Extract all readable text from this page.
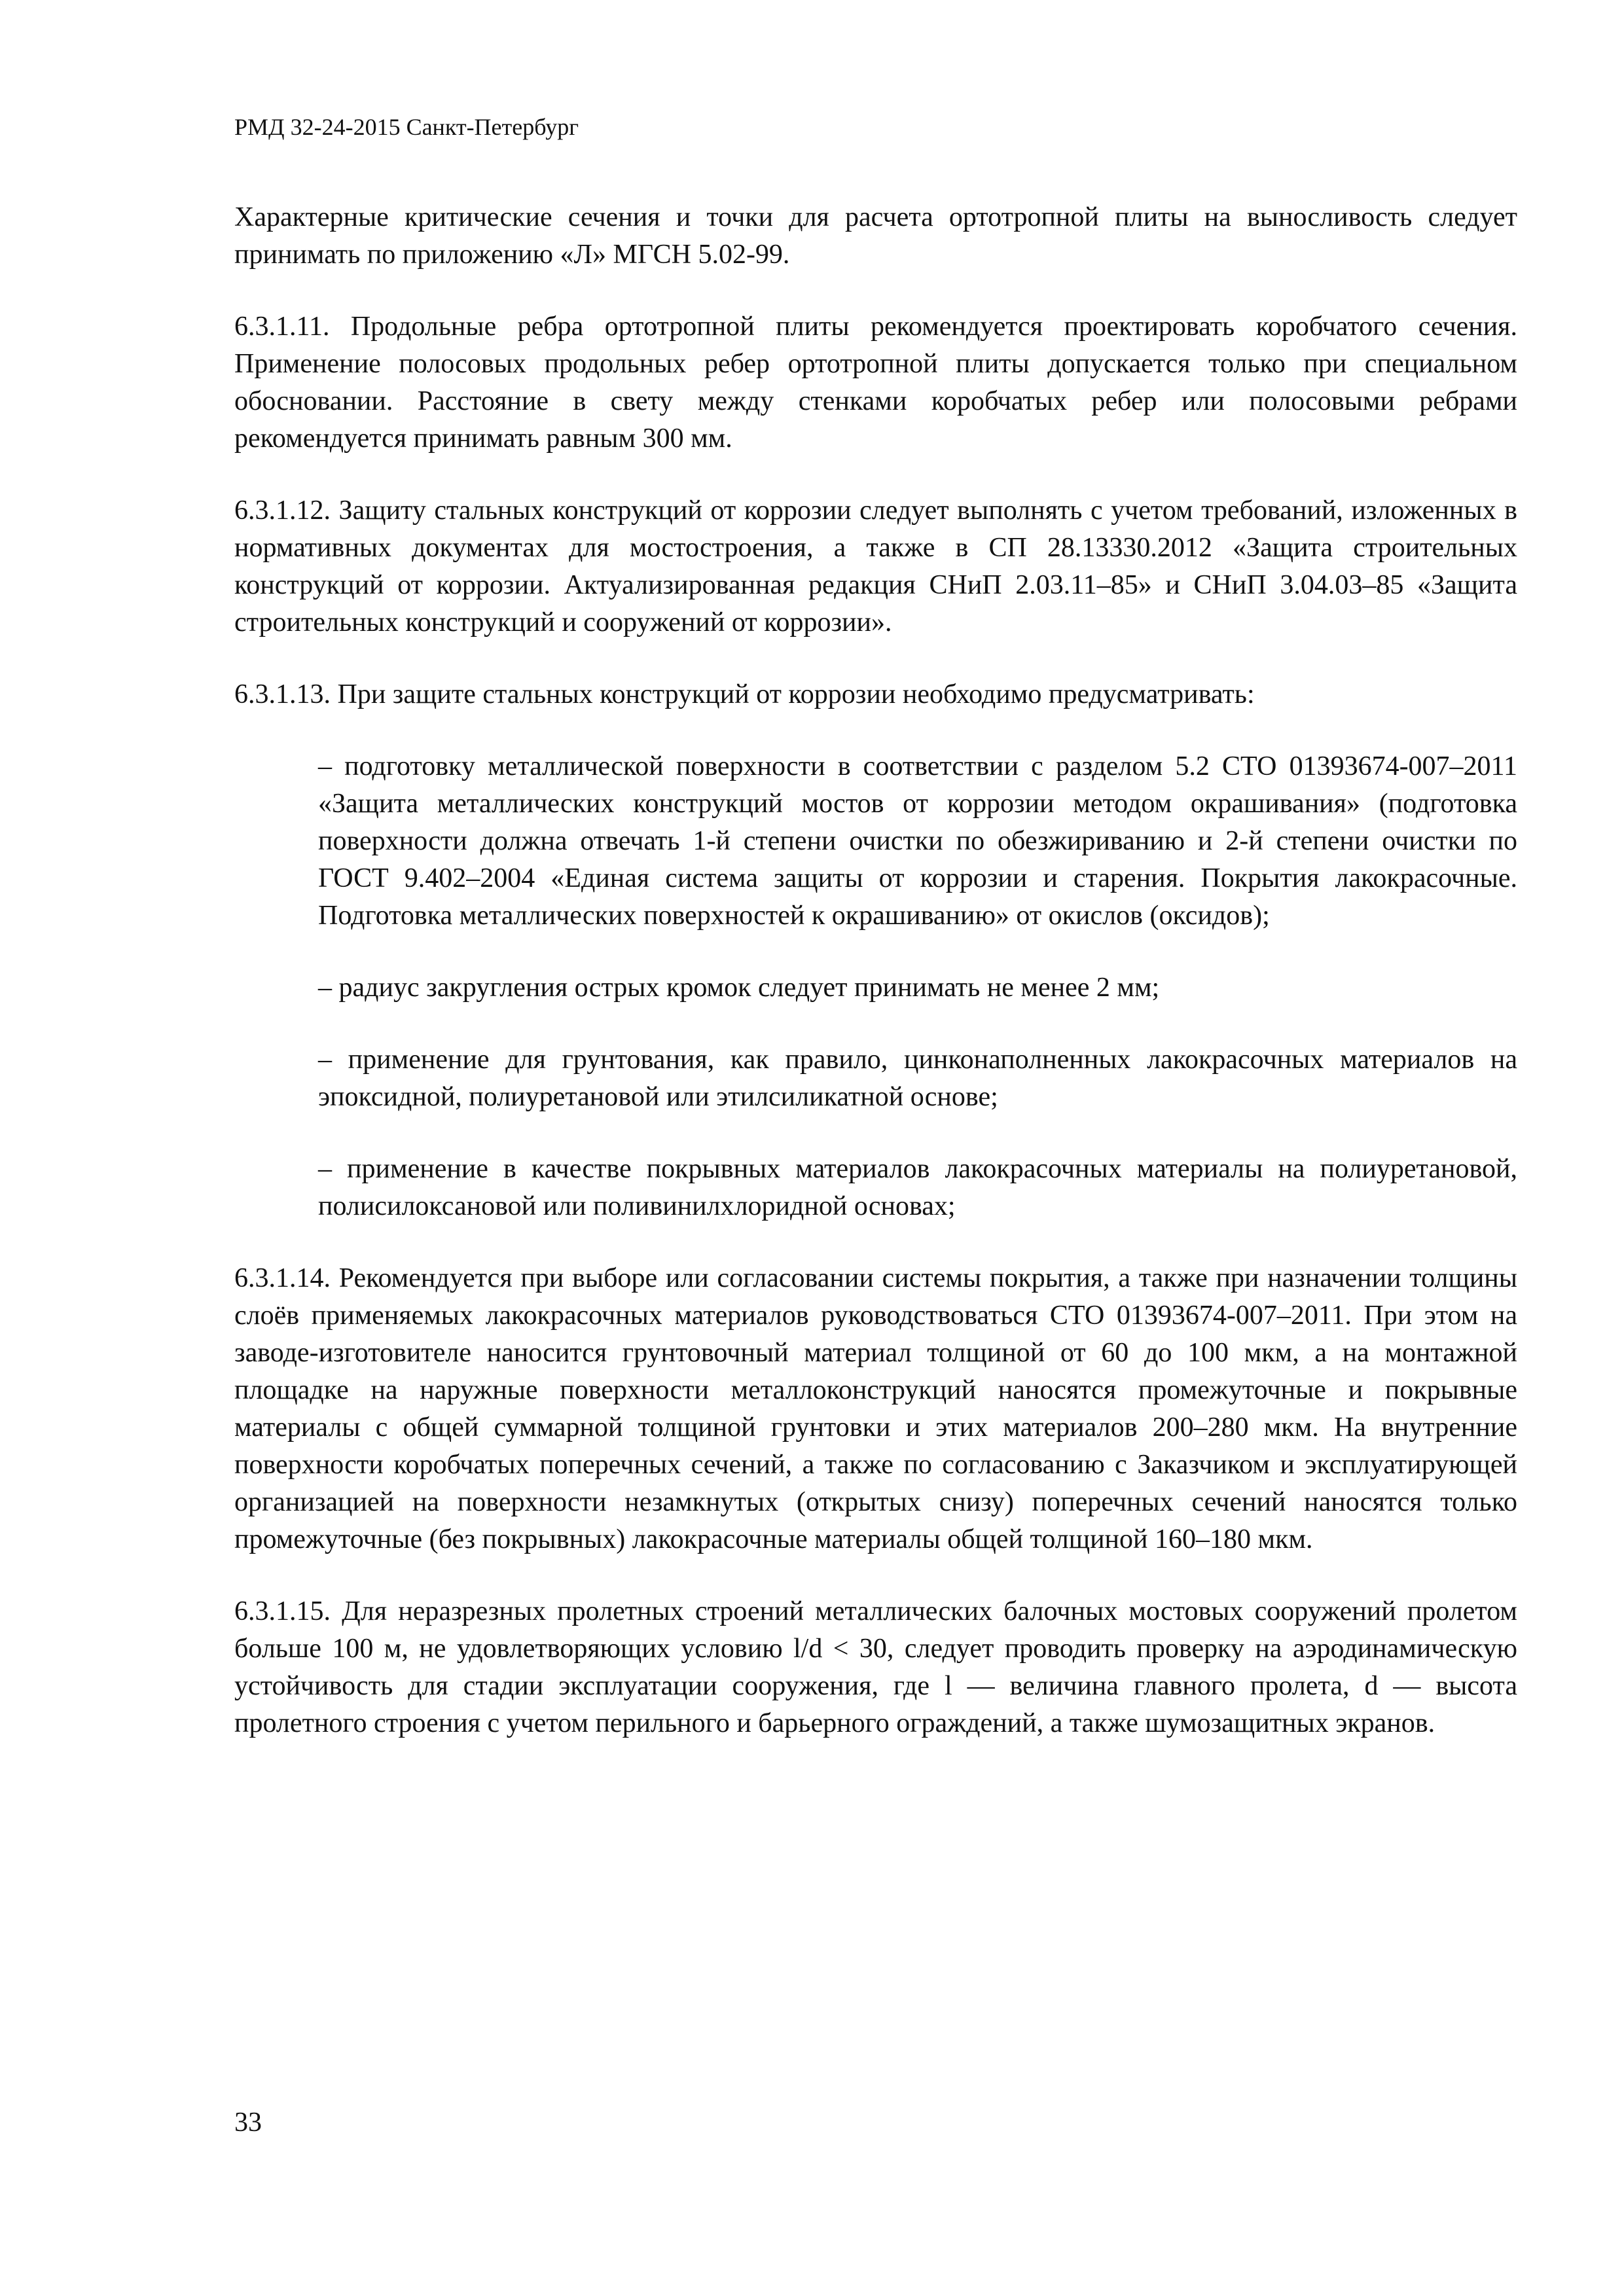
РМД 32-24-2015 Санкт-Петербург

Характерные критические сечения и точки для расчета ортотропной плиты на выносливость следует принимать по приложению «Л» МГСН 5.02-99.

6.3.1.11. Продольные ребра ортотропной плиты рекомендуется проектировать коробчатого сечения. Применение полосовых продольных ребер ортотропной плиты допускается только при специальном обосновании. Расстояние в свету между стенками коробчатых ребер или полосовыми ребрами рекомендуется принимать равным 300 мм.

6.3.1.12. Защиту стальных конструкций от коррозии следует выполнять с учетом требований, изложенных в нормативных документах для мостостроения, а также в СП 28.13330.2012 «Защита строительных конструкций от коррозии. Актуализированная редакция СНиП 2.03.11–85» и СНиП 3.04.03–85 «Защита строительных конструкций и сооружений от коррозии».

6.3.1.13. При защите стальных конструкций от коррозии необходимо предусматривать:

– подготовку металлической поверхности в соответствии с разделом 5.2 СТО 01393674-007–2011 «Защита металлических конструкций мостов от коррозии методом окрашивания» (подготовка поверхности должна отвечать 1-й степени очистки по обезжириванию и 2-й степени очистки по ГОСТ 9.402–2004 «Единая система защиты от коррозии и старения. Покрытия лакокрасочные. Подготовка металлических поверхностей к окрашиванию» от окислов (оксидов);

– радиус закругления острых кромок следует принимать не менее 2 мм;

– применение для грунтования, как правило, цинконаполненных лакокрасочных материалов на эпоксидной, полиуретановой или этилсиликатной основе;

– применение в качестве покрывных материалов лакокрасочных материалы на полиуретановой, полисилоксановой или поливинилхлоридной основах;

6.3.1.14. Рекомендуется при выборе или согласовании системы покрытия, а также при назначении толщины слоёв применяемых лакокрасочных материалов руководствоваться СТО 01393674-007–2011. При этом на заводе-изготовителе наносится грунтовочный материал толщиной от 60 до 100 мкм, а на монтажной площадке на наружные поверхности металлоконструкций наносятся промежуточные и покрывные материалы с общей суммарной толщиной грунтовки и этих материалов 200–280 мкм. На внутренние поверхности коробчатых поперечных сечений, а также по согласованию с Заказчиком и эксплуатирующей организацией на поверхности незамкнутых (открытых снизу) поперечных сечений наносятся только промежуточные (без покрывных) лакокрасочные материалы общей толщиной 160–180 мкм.

6.3.1.15. Для неразрезных пролетных строений металлических балочных мостовых сооружений пролетом больше 100 м, не удовлетворяющих условию l/d < 30, следует проводить проверку на аэродинамическую устойчивость для стадии эксплуатации сооружения, где l — величина главного пролета, d — высота пролетного строения с учетом перильного и барьерного ограждений, а также шумозащитных экранов.

33
